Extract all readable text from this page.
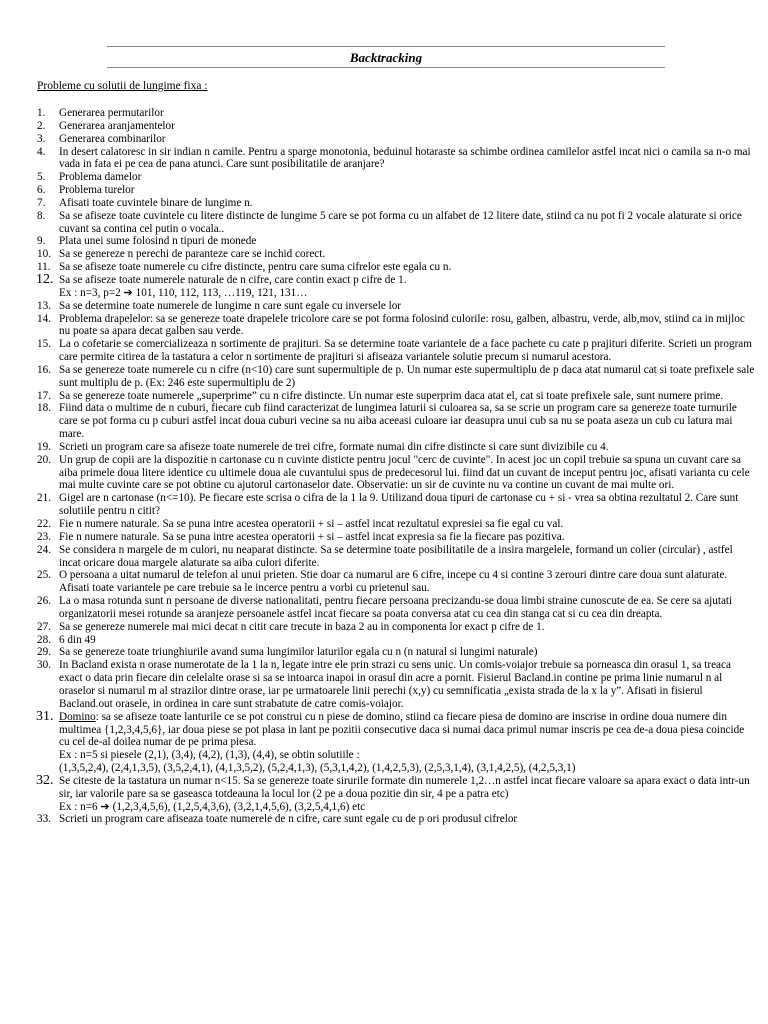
Backtracking
Probleme cu solutii de lungime fixa :
1. Generarea permutarilor
2. Generarea aranjamentelor
3. Generarea combinarilor
4. In desert calatoresc in sir indian n camile. Pentru a sparge monotonia, beduinul hotaraste sa schimbe ordinea camilelor astfel incat nici o camila sa n-o mai vada in fata ei pe cea de pana atunci. Care sunt posibilitatile de aranjare?
5. Problema damelor
6. Problema turelor
7. Afisati toate cuvintele binare de lungime n.
8. Sa se afiseze toate cuvintele cu litere distincte de lungime 5 care se pot forma cu un alfabet de 12 litere date, stiind ca nu pot fi 2 vocale alaturate si orice cuvant sa contina cel putin o vocala..
9. Plata unei sume folosind n tipuri de monede
10. Sa se genereze n perechi de paranteze care se inchid corect.
11. Sa se afiseze toate numerele cu cifre distincte, pentru care suma cifrelor este egala cu n.
12. Sa se afiseze toate numerele naturale de n cifre, care contin exact p cifre de 1.
Ex : n=3, p=2 ➔ 101, 110, 112, 113, …119, 121, 131…
13. Sa se determine toate numerele de lungime n care sunt egale cu inversele lor
14. Problema drapelelor: sa se genereze toate drapelele tricolore care se pot forma folosind culorile: rosu, galben, albastru, verde, alb,mov, stiind ca in mijloc nu poate sa apara decat galben sau verde.
15. La o cofetarie se comercializeaza n sortimente de prajituri. Sa se determine toate variantele de a face pachete cu cate p prajituri diferite. Scrieti un program care permite citirea de la tastatura a celor n sortimente de prajituri si afiseaza variantele solutie precum si numarul acestora.
16. Sa se genereze toate numerele cu n cifre (n<10) care sunt supermultiple de p. Un numar este supermultiplu de p daca atat numarul cat si toate prefixele sale sunt multiplu de p. (Ex: 246 este supermultiplu de 2)
17. Sa se genereze toate numerele „superprime” cu n cifre distincte. Un numar este superprim daca atat el, cat si toate prefixele sale, sunt numere prime.
18. Fiind data o multime de n cuburi, fiecare cub fiind caracterizat de lungimea laturii si culoarea sa, sa se scrie un program care sa genereze toate turnurile care se pot forma cu p cuburi astfel incat doua cuburi vecine sa nu aiba aceeasi culoare iar deasupra unui cub sa nu se poata aseza un cub cu latura mai mare.
19. Scrieti un program care sa afiseze toate numerele de trei cifre, formate numai din cifre distincte si care sunt divizibile cu 4.
20. Un grup de copii are la dispozitie n cartonase cu n cuvinte disticte pentru jocul "cerc de cuvinte". In acest joc un copil trebuie sa spuna un cuvant care sa aiba primele doua litere identice cu ultimele doua ale cuvantului spus de predecesorul lui. fiind dat un cuvant de inceput pentru joc, afisati varianta cu cele mai multe cuvinte care se pot obtine cu ajutorul cartonaselor date. Observatie: un sir de cuvinte nu va contine un cuvant de mai multe ori.
21. Gigel are n cartonase (n<=10). Pe fiecare este scrisa o cifra de la 1 la 9. Utilizand doua tipuri de cartonase cu + si - vrea sa obtina rezultatul 2. Care sunt solutiile pentru n citit?
22. Fie n numere naturale. Sa se puna intre acestea operatorii + si – astfel incat rezultatul expresiei sa fie egal cu val.
23. Fie n numere naturale. Sa se puna intre acestea operatorii + si – astfel incat expresia sa fie la fiecare pas pozitiva.
24. Se considera n margele de m culori, nu neaparat distincte. Sa se determine toate posibilitatile de a insira margelele, formand un colier (circular) , astfel incat oricare doua margele alaturate sa aiba culori diferite.
25. O persoana a uitat numarul de telefon al unui prieten. Stie doar ca numarul are 6 cifre, incepe cu 4 si contine 3 zerouri dintre care doua sunt alaturate. Afisati toate variantele pe care trebuie sa le incerce pentru a vorbi cu prietenul sau.
26. La o masa rotunda sunt n persoane de diverse nationalitati, pentru fiecare persoana precizandu-se doua limbi straine cunoscute de ea. Se cere sa ajutati organizatorii mesei rotunde sa aranjeze persoanele astfel incat fiecare sa poata conversa atat cu cea din stanga cat si cu cea din dreapta.
27. Sa se genereze numerele mai mici decat n citit care trecute in baza 2 au in componenta lor exact p cifre de 1.
28. 6 din 49
29. Sa se genereze toate triunghiurile avand suma lungimilor laturilor egala cu n (n natural si lungimi naturale)
30. In Bacland exista n orase numerotate de la 1 la n, legate intre ele prin strazi cu sens unic. Un comis-voiajor trebuie sa porneasca din orasul 1, sa treaca exact o data prin fiecare din celelalte orase si sa se intoarca inapoi in orasul din acre a pornit. Fisierul Bacland.in contine pe prima linie numarul n al oraselor si numarul m al strazilor dintre orase, iar pe urmatoarele linii perechi (x,y) cu semnificatia „exista strada de la x la y”. Afisati in fisierul Bacland.out orasele, in ordinea in care sunt strabatute de catre comis-voiajor.
31. Domino: sa se afiseze toate lanturile ce se pot construi cu n piese de domino, stiind ca fiecare piesa de domino are inscrise in ordine doua numere din multimea {1,2,3,4,5,6}, iar doua piese se pot plasa in lant pe pozitii consecutive daca si numai daca primul numar inscris pe cea de-a doua piesa coincide cu cel de-al doilea numar de pe prima piesa.
Ex : n=5 si piesele (2,1), (3,4), (4,2), (1,3), (4,4), se obtin solutiile :
(1,3,5,2,4), (2,4,1,3,5), (3,5,2,4,1), (4,1,3,5,2), (5,2,4,1,3), (5,3,1,4,2), (1,4,2,5,3), (2,5,3,1,4), (3,1,4,2,5), (4,2,5,3,1)
32. Se citeste de la tastatura un numar n<15. Sa se genereze toate sirurile formate din numerele 1,2…n astfel incat fiecare valoare sa apara exact o data intr-un sir, iar valorile pare sa se gaseasca totdeauna la locul lor (2 pe a doua pozitie din sir, 4 pe a patra etc)
Ex : n=6 ➔ (1,2,3,4,5,6), (1,2,5,4,3,6), (3,2,1,4,5,6), (3,2,5,4,1,6) etc
33. Scrieti un program care afiseaza toate numerele de n cifre, care sunt egale cu de p ori produsul cifrelor
